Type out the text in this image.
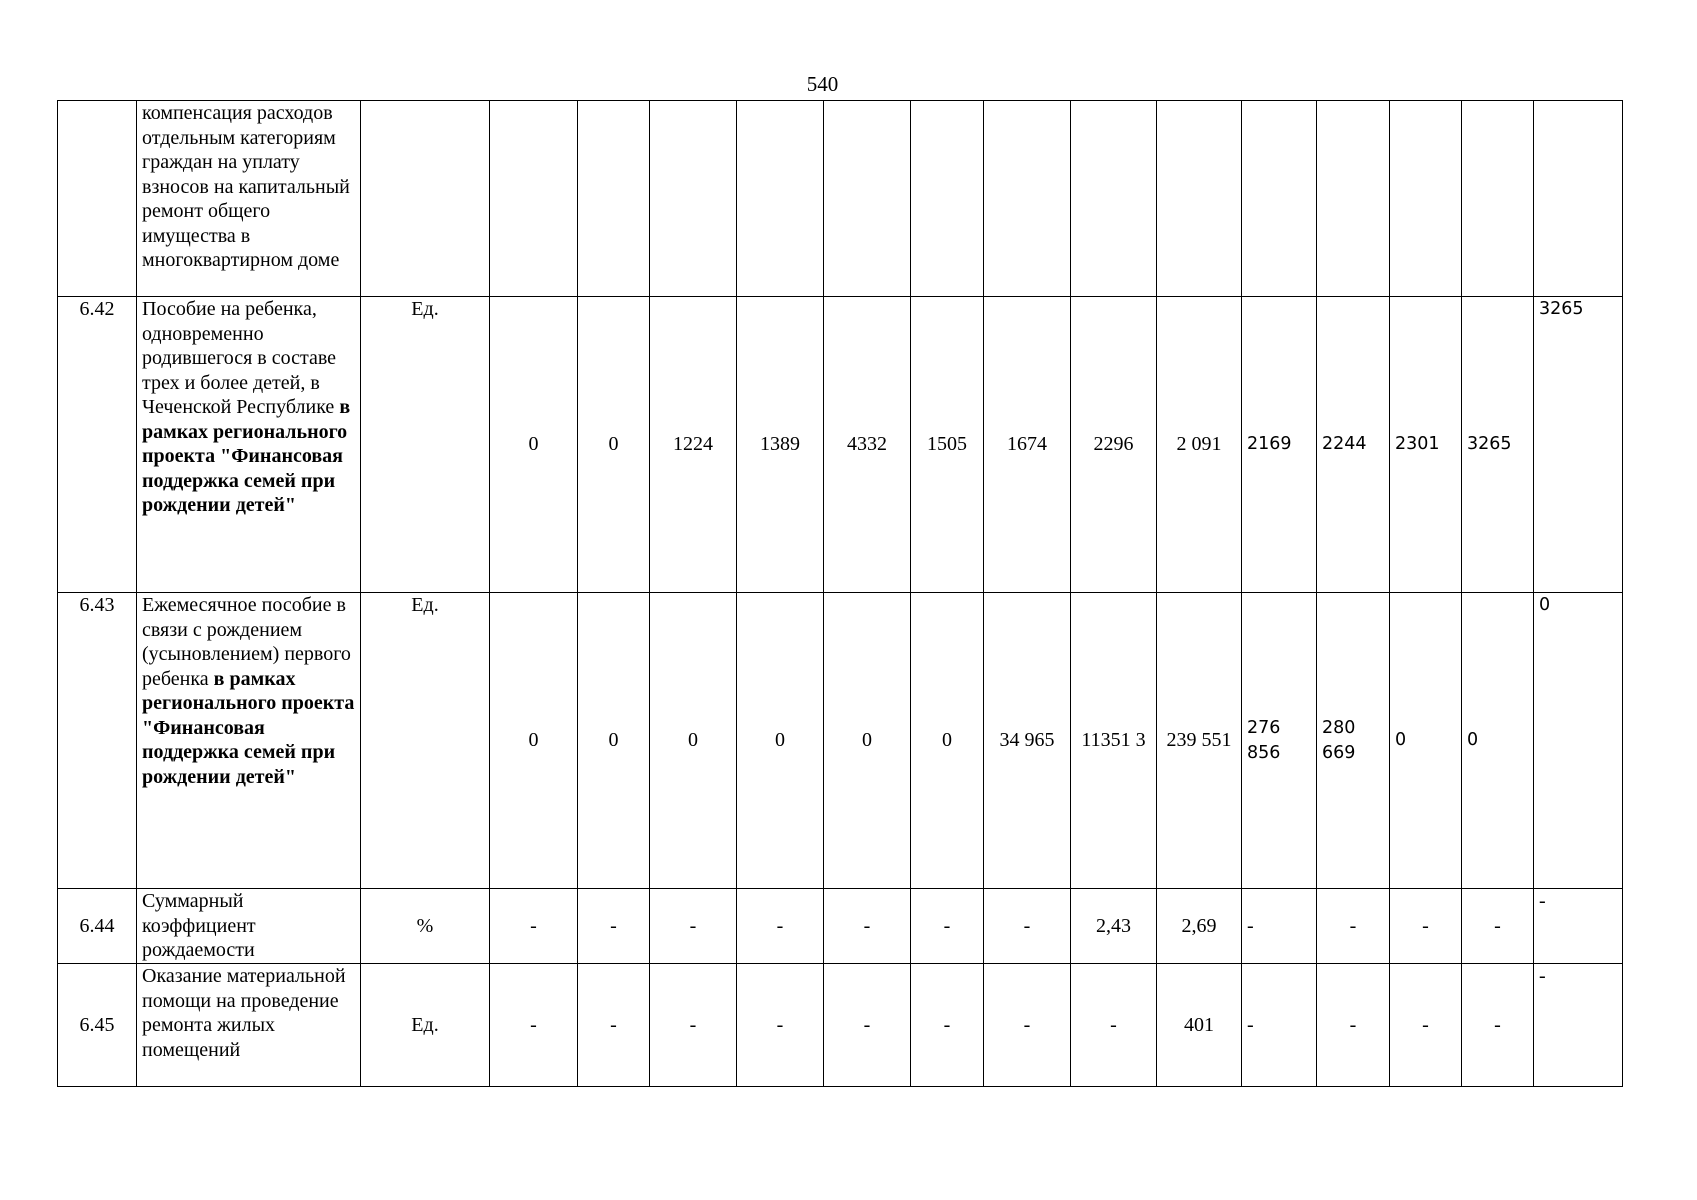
540
	компенсация расходов отдельным категориям граждан на уплату взносов на капитальный ремонт общего имущества в многоквартирном доме															
6.42	Пособие на ребенка, одновременно родившегося в составе трех и более детей, в Чеченской Республике в рамках регионального проекта "Финансовая поддержка семей при рождении детей"	Ед.	0	0	1224	1389	4332	1505	1674	2296	2 091	2169	2244	2301	3265	3265
6.43	Ежемесячное пособие в связи с рождением (усыновлением) первого ребенка в рамках регионального проекта "Финансовая поддержка семей при рождении детей"	Ед.	0	0	0	0	0	0	34 965	11351 3	239 551	276 856	280 669	0	0	0
6.44	Суммарный коэффициент рождаемости	%	-	-	-	-	-	-	-	2,43	2,69	-	-	-	-	-
6.45	Оказание материальной помощи на проведение ремонта жилых помещений	Ед.	-	-	-	-	-	-	-	-	401	-	-	-	-	-
